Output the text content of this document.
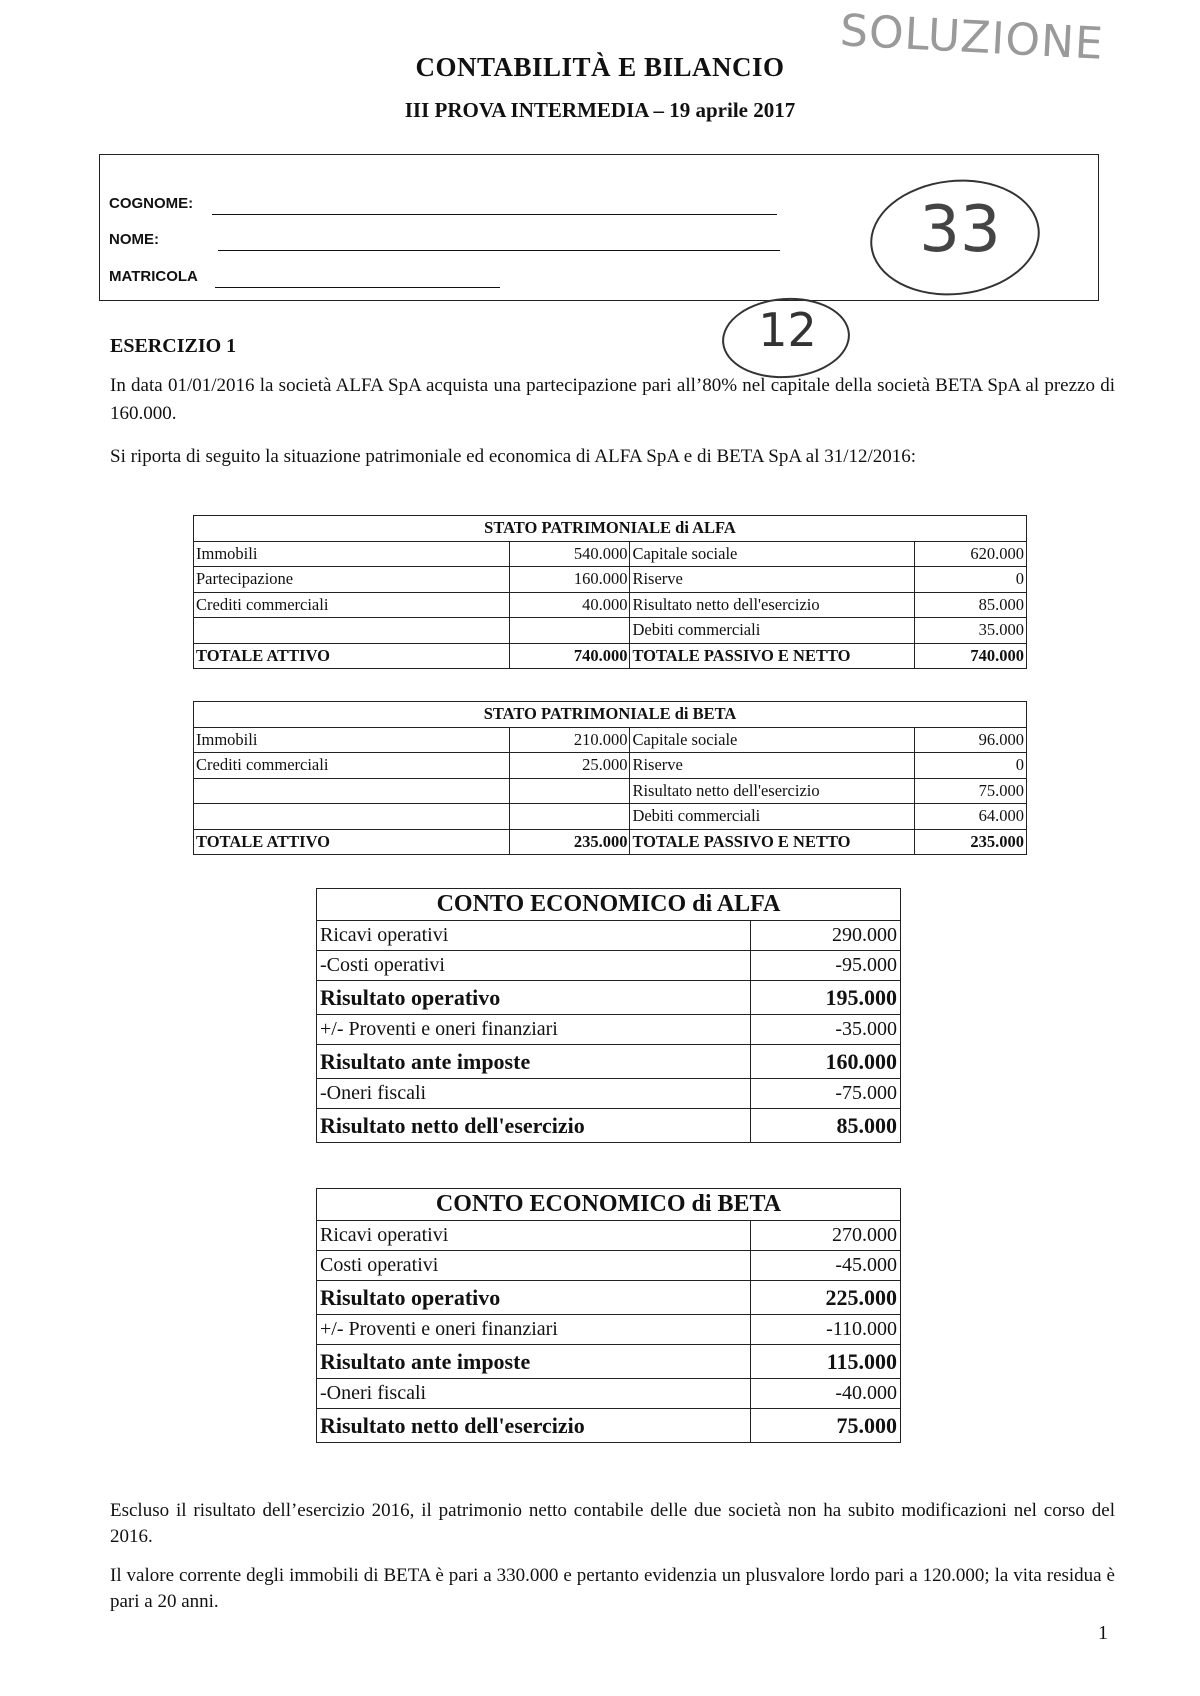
CONTABILITÀ E BILANCIO
III PROVA INTERMEDIA – 19 aprile 2017
SOLUZIONE
COGNOME:
NOME:
MATRICOLA
33
12
ESERCIZIO 1
In data 01/01/2016 la società ALFA SpA acquista una partecipazione pari all’80% nel capitale della società BETA SpA al prezzo di 160.000.
Si riporta di seguito la situazione patrimoniale ed economica di ALFA SpA e di BETA SpA al 31/12/2016:
STATO PATRIMONIALE di ALFA			
Immobili	540.000	Capitale sociale	620.000
Partecipazione	160.000	Riserve	0
Crediti commerciali	40.000	Risultato netto dell'esercizio	85.000
		Debiti commerciali	35.000
TOTALE ATTIVO	740.000	TOTALE PASSIVO E NETTO	740.000
STATO PATRIMONIALE di BETA			
Immobili	210.000	Capitale sociale	96.000
Crediti commerciali	25.000	Riserve	0
		Risultato netto dell'esercizio	75.000
		Debiti commerciali	64.000
TOTALE ATTIVO	235.000	TOTALE PASSIVO E NETTO	235.000
CONTO ECONOMICO di ALFA	
Ricavi operativi	290.000
-Costi operativi	-95.000
Risultato operativo	195.000
+/- Proventi e oneri finanziari	-35.000
Risultato ante imposte	160.000
-Oneri fiscali	-75.000
Risultato netto dell'esercizio	85.000
CONTO ECONOMICO di BETA	
Ricavi operativi	270.000
Costi operativi	-45.000
Risultato operativo	225.000
+/- Proventi e oneri finanziari	-110.000
Risultato ante imposte	115.000
-Oneri fiscali	-40.000
Risultato netto dell'esercizio	75.000
Escluso il risultato dell’esercizio 2016, il patrimonio netto contabile delle due società non ha subito modificazioni nel corso del 2016.
Il valore corrente degli immobili di BETA è pari a 330.000 e pertanto evidenzia un plusvalore lordo pari a 120.000; la vita residua è pari a 20 anni.
1
